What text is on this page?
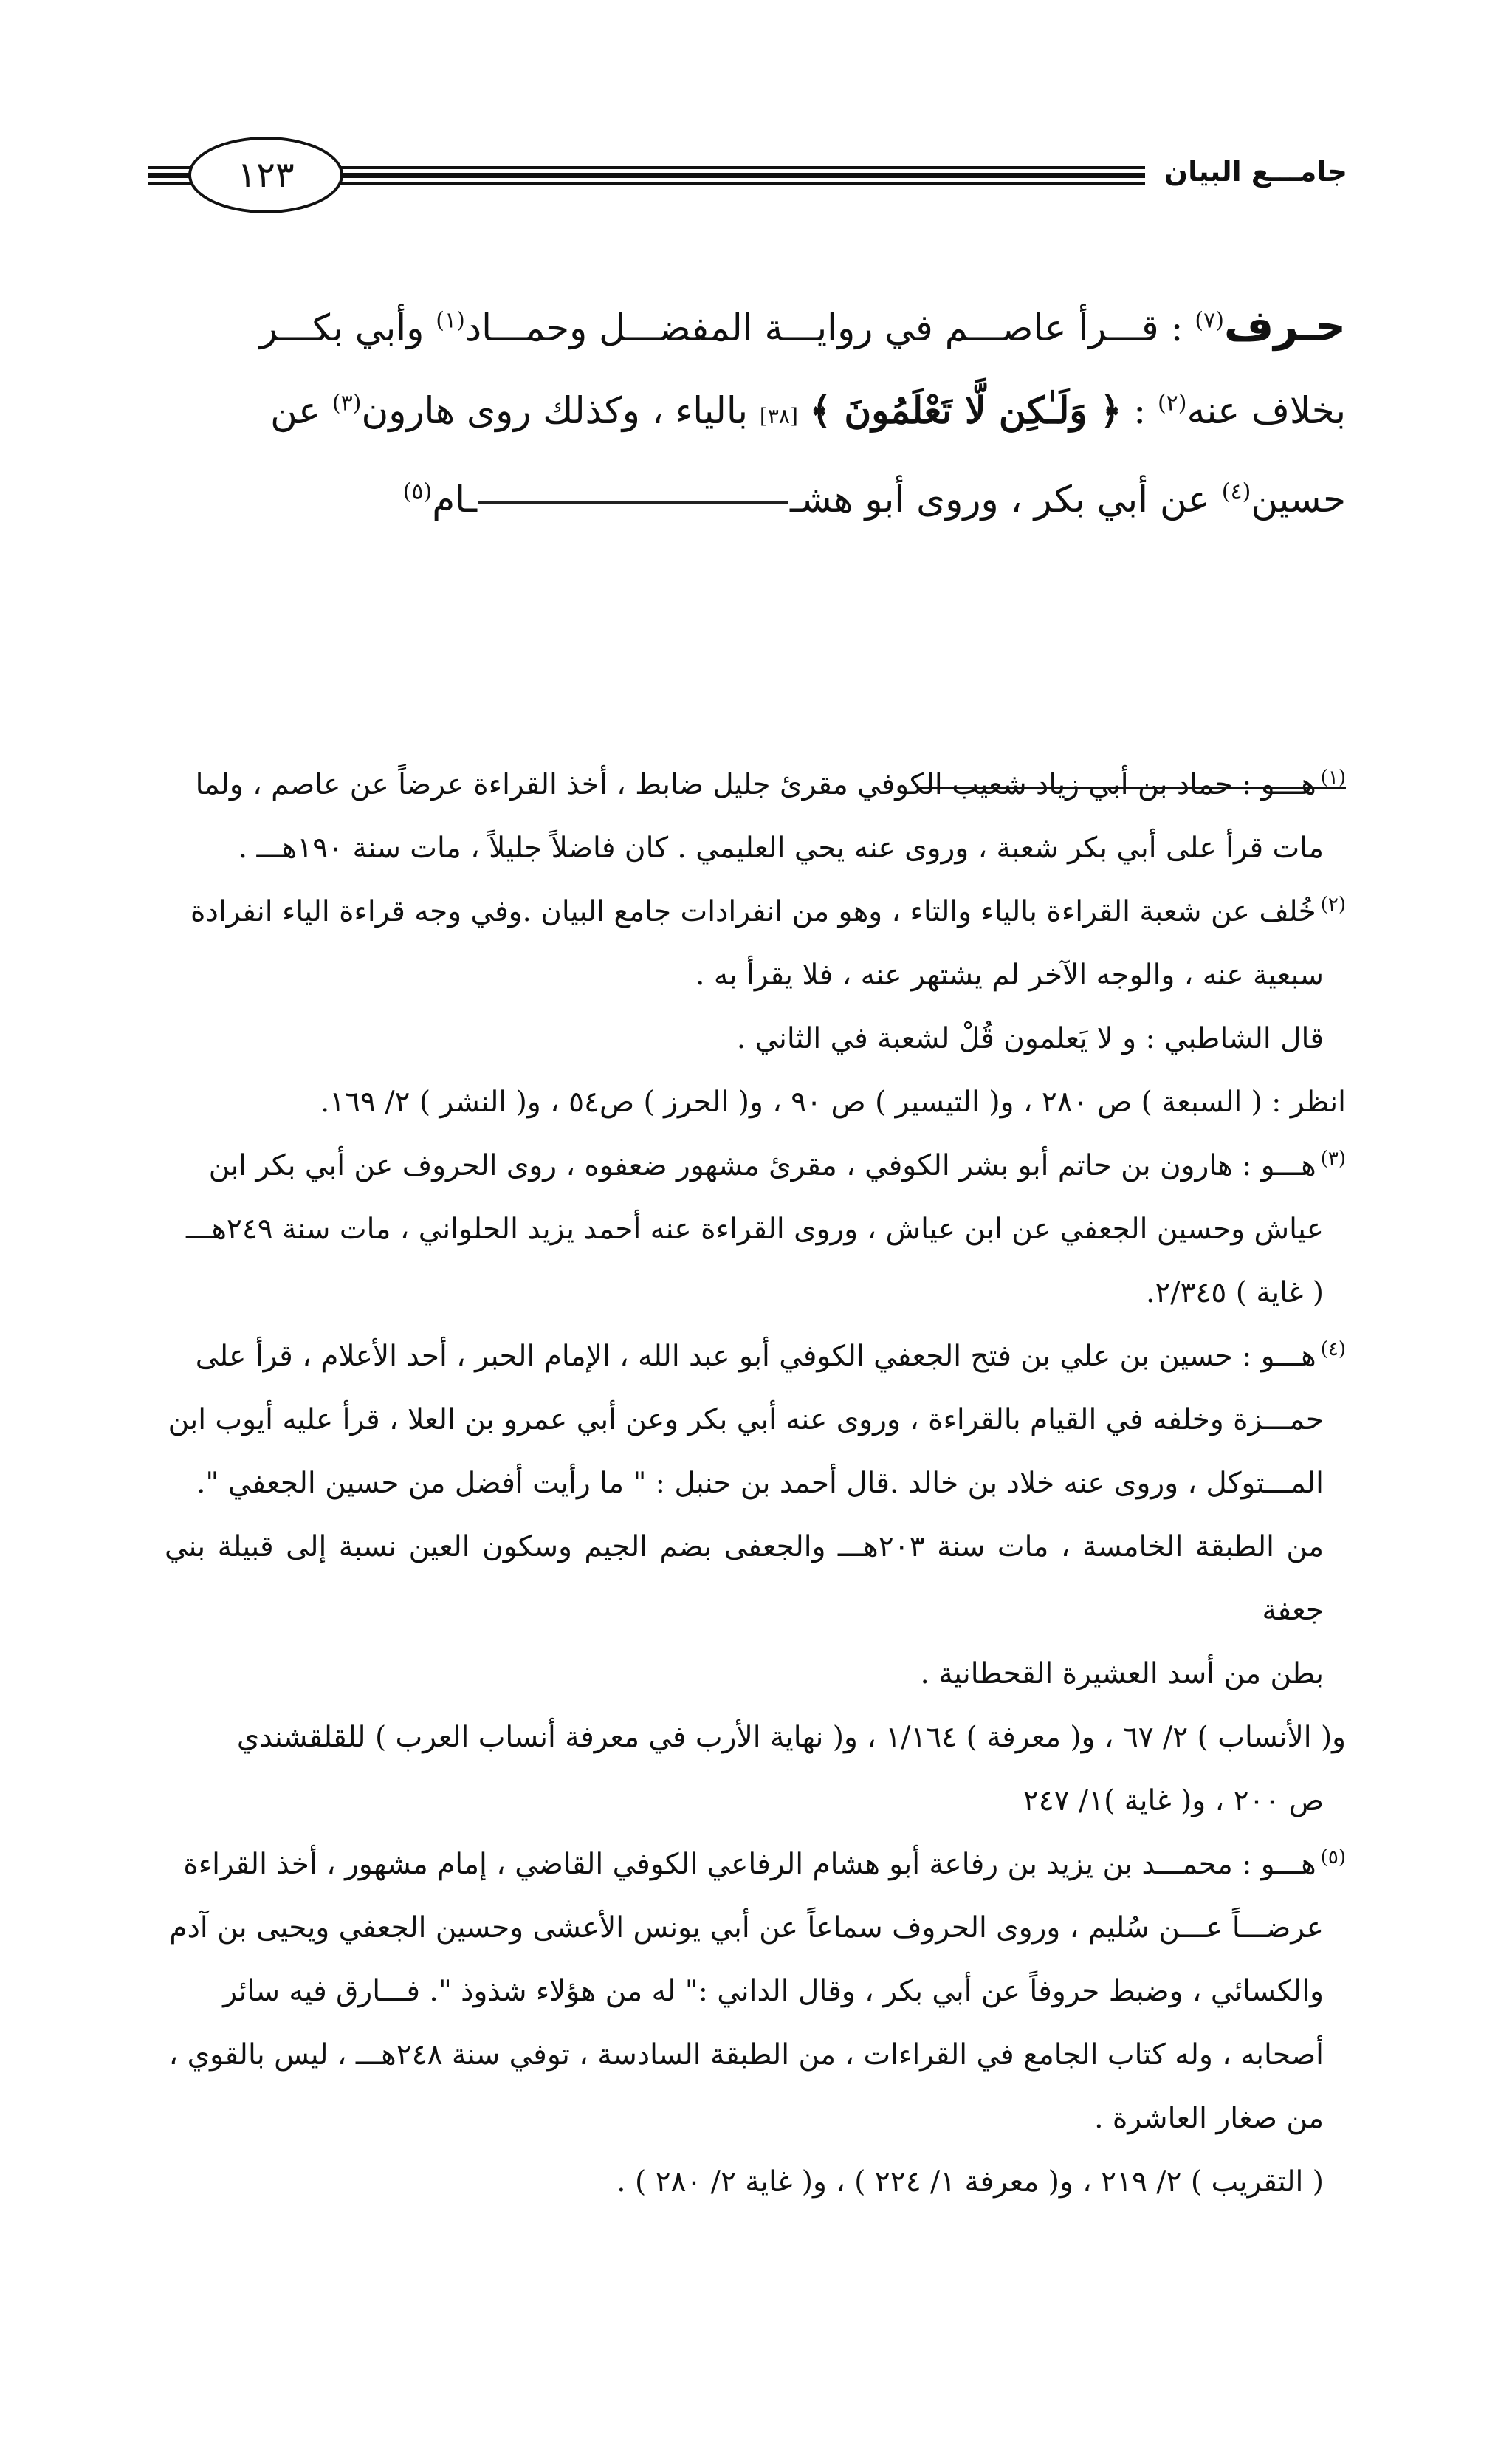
جامـــع البيان
١٢٣

حـرف$^{(٧)}$ : قـــرأ عاصـــم في روايـــة المفضـــل وحمـــاد$^{(١)}$ وأبي بكـــر

بخلاف عنه$^{(٢)}$ : ﴿ وَلَـٰكِن لَّا تَعْلَمُونَ ﴾ [٣٨] بالياء ، وكذلك روى هارون$^{(٣)}$ عن

حسين$^{(٤)}$ عن أبي بكر ، وروى أبو هشــام$^{(٥)}$

$^{(١)}$هـــو : حماد بن أبي زياد شعيب الكوفي مقرئ جليل ضابط ، أخذ القراءة عرضاً عن عاصم ، ولما

مات قرأ على أبي بكر شعبة ، وروى عنه يحي العليمي . كان فاضلاً جليلاً ، مات سنة ١٩٠هـــ .

$^{(٢)}$خُلف عن شعبة القراءة بالياء والتاء ، وهو من انفرادات جامع البيان .وفي وجه قراءة الياء انفرادة

سبعية عنه ، والوجه الآخر لم يشتهر عنه ، فلا يقرأ به .

قال الشاطبي : و لا يَعلمون قُلْ لشعبة في الثاني .

انظر : ( السبعة ) ص ٢٨٠ ، و( التيسير ) ص ٩٠ ، و( الحرز ) ص٥٤ ، و( النشر ) ٢/ ١٦٩.

$^{(٣)}$هـــو : هارون بن حاتم أبو بشر الكوفي ، مقرئ مشهور ضعفوه ، روى الحروف عن أبي بكر ابن

عياش وحسين الجعفي عن ابن عياش ، وروى القراءة عنه أحمد يزيد الحلواني ، مات سنة ٢٤٩هـــ

( غاية ) ٢/٣٤٥.

$^{(٤)}$هـــو : حسين بن علي بن فتح الجعفي الكوفي أبو عبد الله ، الإمام الحبر ، أحد الأعلام ، قرأ على

حمـــزة وخلفه في القيام بالقراءة ، وروى عنه أبي بكر وعن أبي عمرو بن العلا ، قرأ عليه أيوب ابن

المـــتوكل ، وروى عنه خلاد بن خالد .قال أحمد بن حنبل : " ما رأيت أفضل من حسين الجعفي ".

من الطبقة الخامسة ، مات سنة ٢٠٣هـــ والجعفى بضم الجيم وسكون العين نسبة إلى قبيلة بني جعفة

بطن من أسد العشيرة القحطانية .

و( الأنساب ) ٢/ ٦٧ ، و( معرفة ) ١/١٦٤ ، و( نهاية الأرب في معرفة أنساب العرب ) للقلقشندي

ص ٢٠٠ ، و( غاية )١/ ٢٤٧

$^{(٥)}$هـــو : محمـــد بن يزيد بن رفاعة أبو هشام الرفاعي الكوفي القاضي ، إمام مشهور ، أخذ القراءة

عرضـــاً عـــن سُليم ، وروى الحروف سماعاً عن أبي يونس الأعشى وحسين الجعفي ويحيى بن آدم

والكسائي ، وضبط حروفاً عن أبي بكر ، وقال الداني :" له من هؤلاء شذوذ ". فـــارق فيه سائر

أصحابه ، وله كتاب الجامع في القراءات ، من الطبقة السادسة ، توفي سنة ٢٤٨هـــ ، ليس بالقوي ،

من صغار العاشرة .

( التقريب ) ٢/ ٢١٩ ، و( معرفة ١/ ٢٢٤ ) ، و( غاية ٢/ ٢٨٠ ) .
